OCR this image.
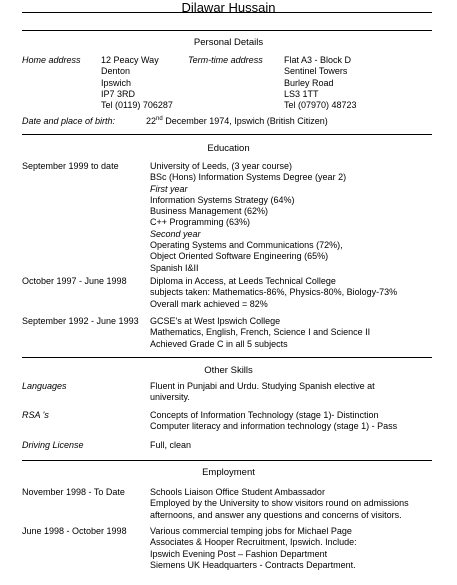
Dilawar Hussain
Personal Details
Home address 12 Peacy Way
Denton
Ipswich
IP7 3RD
Tel (0119) 706287
Term-time address Flat A3 - Block D
Sentinel Towers
Burley Road
LS3 1TT
Tel (07970) 48723
Date and place of birth:	22nd December 1974, Ipswich (British Citizen)
Education
September 1999 to date	University of Leeds, (3 year course)
BSc (Hons) Information Systems Degree (year 2)
First year
Information Systems Strategy (64%)
Business Management (62%)
C++ Programming (63%)
Second year
Operating Systems and Communications (72%),
Object Oriented Software Engineering (65%)
Spanish I&II
October 1997 - June 1998	Diploma in Access, at Leeds Technical College
subjects taken: Mathematics-86%, Physics-80%, Biology-73%
Overall mark achieved = 82%
September 1992 - June 1993 GCSE's at West Ipswich College
Mathematics, English, French, Science I and Science II
Achieved Grade C in all 5 subjects
Other Skills
Languages	Fluent in Punjabi and Urdu. Studying Spanish elective at
university.
RSA 's	Concepts of Information Technology (stage 1)- Distinction
Computer literacy and information technology (stage 1) - Pass
Driving License	Full, clean
Employment
November 1998 - To Date	Schools Liaison Office Student Ambassador
Employed by the University to show visitors round on admissions
afternoons, and answer any questions and concerns of visitors.
June 1998 - October 1998	Various commercial temping jobs for Michael Page
Associates & Hooper Recruitment, Ipswich. Include:
Ipswich Evening Post – Fashion Department
Siemens UK Headquarters - Contracts Department.
